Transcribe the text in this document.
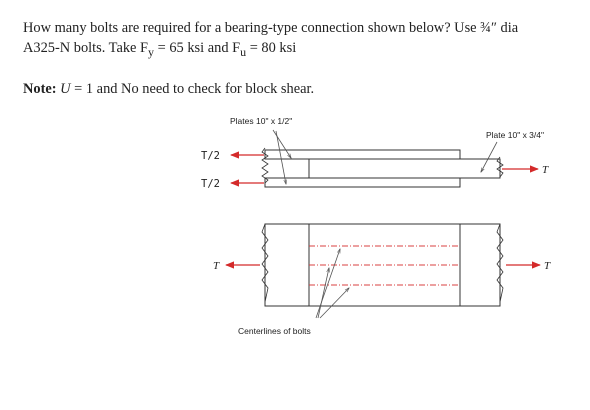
How many bolts are required for a bearing-type connection shown below? Use ¾″ dia

A325-N bolts. Take $F_y = 65$ ksi and $F_u = 80$ ksi

Note: U = 1 and No need to check for block shear.

Plates 10" x 1/2"
Plate 10" x 3/4"
T/2
T/2
T
T	T
Centerlines of bolts
